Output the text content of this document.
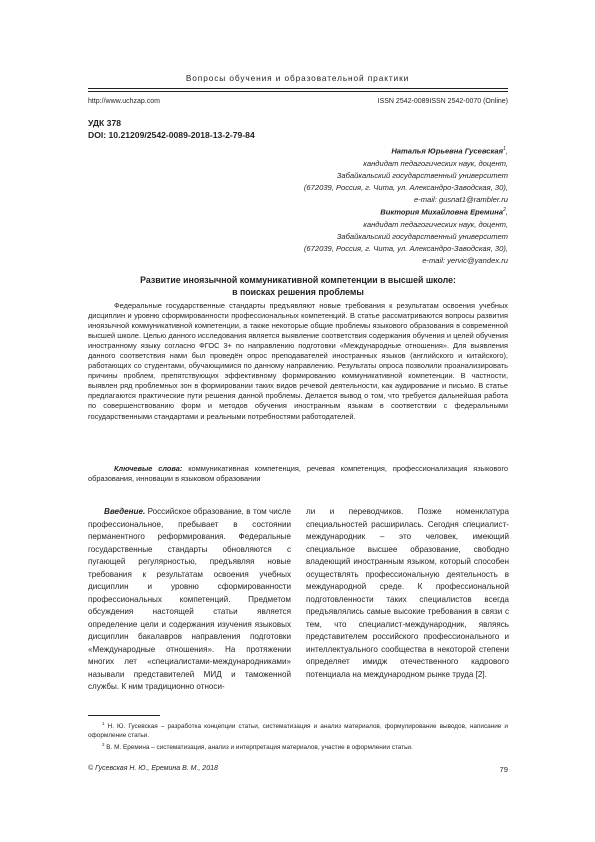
Вопросы обучения и образовательной практики
http://www.uchzap.com	ISSN 2542-0089ISSN 2542-0070 (Online)
УДК 378
DOI: 10.21209/2542-0089-2018-13-2-79-84
Наталья Юрьевна Гусевская$^1$,
кандидат педагогических наук, доцент,
Забайкальский государственный университет
(672039, Россия, г. Чита, ул. Александро-Заводская, 30),
e-mail: gusnat1@rambler.ru
Виктория Михайловна Еремина$^2$,
кандидат педагогических наук, доцент,
Забайкальский государственный университет
(672039, Россия, г. Чита, ул. Александро-Заводская, 30),
e-mail: yervic@yandex.ru
Развитие иноязычной коммуникативной компетенции в высшей школе:
в поисках решения проблемы

Федеральные государственные стандарты предъявляют новые требования к результатам освоения учебных дисциплин и уровню сформированности профессиональных компетенций. В статье рассматриваются вопросы развития иноязычной коммуникативной компетенции, а также некоторые общие проблемы языкового образования в современной высшей школе. Целью данного исследования является выявление соответствия содержания обучения и целей обучения иностранному языку согласно ФГОС 3+ по направлению подготовки «Международные отношения». Для выявления данного соответствия нами был проведён опрос преподавателей иностранных языков (английского и китайского), работающих со студентами, обучающимися по данному направлению. Результаты опроса позволили проанализировать причины проблем, препятствующих эффективному формированию коммуникативной компетенции. В частности, выявлен ряд проблемных зон в формировании таких видов речевой деятельности, как аудирование и письмо. В статье предлагаются практические пути решения данной проблемы. Делается вывод о том, что требуется дальнейшая работа по совершенствованию форм и методов обучения иностранным языкам в соответствии с федеральными государственными стандартами и реальными потребностями работодателей.

Ключевые слова: коммуникативная компетенция, речевая компетенция, профессионализация языкового образования, инновации в языковом образовании

Введение. Российское образование, в том числе профессиональное, пребывает в состоянии перманентного реформирования. Федеральные государственные стандарты обновляются с пугающей регулярностью, предъявляя новые требования к результатам освоения учебных дисциплин и уровню сформированности профессиональных компетенций. Предметом обсуждения настоящей статьи является определение цели и содержания изучения языковых дисциплин бакалавров направления подготовки «Международные отношения». На протяжении многих лет «специалистами-международниками» называли представителей МИД и таможенной службы. К ним традиционно относи-

ли и переводчиков. Позже номенклатура специальностей расширилась. Сегодня специалист-международник – это человек, имеющий специальное высшее образование, свободно владеющий иностранным языком, который способен осуществлять профессиональную деятельность в международной среде. К профессиональной подготовленности таких специалистов всегда предъявлялись самые высокие требования в связи с тем, что специалист-международник, являясь представителем российского профессионального и интеллектуального сообщества в некоторой степени определяет имидж отечественного кадрового потенциала на международном рынке труда [2].

$^1$ Н. Ю. Гусевская – разработка концепции статьи, систематизация и анализ материалов, формулирование выводов, написание и оформление статьи.

$^2$ В. М. Еремина – систематизация, анализ и интерпретация материалов, участие в оформлении статьи.

© Гусевская Н. Ю., Еремина В. М., 2018	79
